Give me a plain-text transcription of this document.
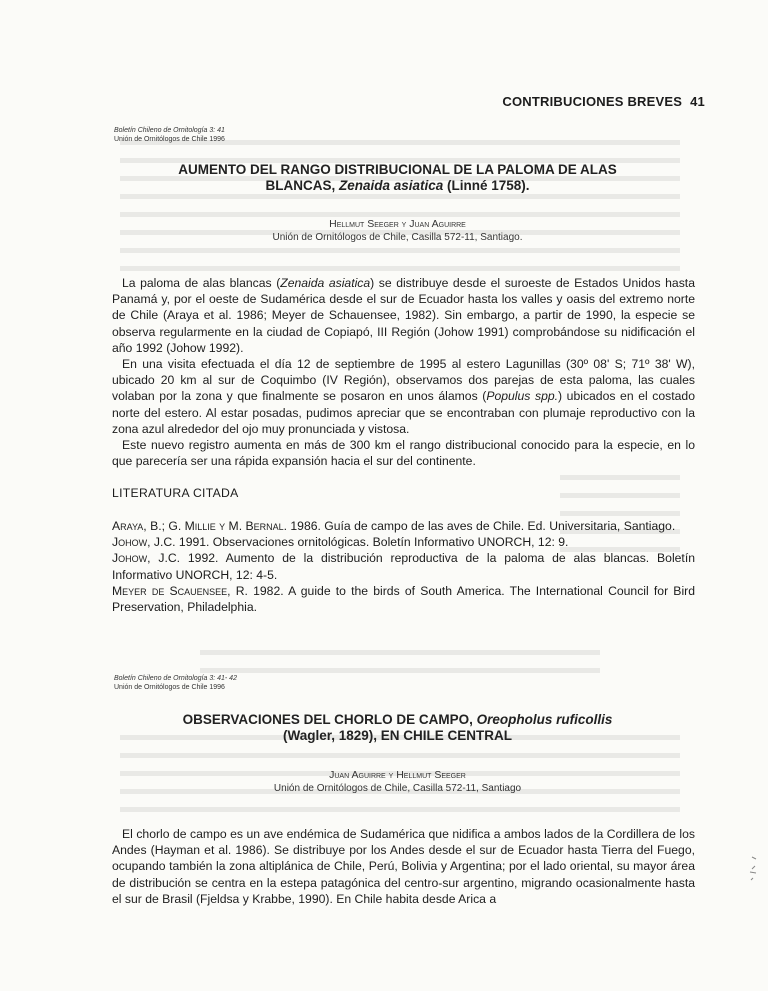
CONTRIBUCIONES BREVES 41
Boletín Chileno de Ornitología 3: 41
Unión de Ornitólogos de Chile 1996
AUMENTO DEL RANGO DISTRIBUCIONAL DE LA PALOMA DE ALAS
BLANCAS, Zenaida asiatica (Linné 1758).
Hellmut Seeger y Juan Aguirre
Unión de Ornitólogos de Chile, Casilla 572-11, Santiago.

La paloma de alas blancas (Zenaida asiatica) se distribuye desde el suroeste de Estados Unidos hasta Panamá y, por el oeste de Sudamérica desde el sur de Ecuador hasta los valles y oasis del extremo norte de Chile (Araya et al. 1986; Meyer de Schauensee, 1982). Sin embargo, a partir de 1990, la especie se observa regularmente en la ciudad de Copiapó, III Región (Johow 1991) comprobándose su nidificación el año 1992 (Johow 1992).

En una visita efectuada el día 12 de septiembre de 1995 al estero Lagunillas (30º 08' S; 71º 38' W), ubicado 20 km al sur de Coquimbo (IV Región), observamos dos parejas de esta paloma, las cuales volaban por la zona y que finalmente se posaron en unos álamos (Populus spp.) ubicados en el costado norte del estero. Al estar posadas, pudimos apreciar que se encontraban con plumaje reproductivo con la zona azul alrededor del ojo muy pronunciada y vistosa.

Este nuevo registro aumenta en más de 300 km el rango distribucional conocido para la especie, en lo que parecería ser una rápida expansión hacia el sur del continente.

LITERATURA CITADA

Araya, B.; G. Millie y M. Bernal. 1986. Guía de campo de las aves de Chile. Ed. Universitaria, Santiago.

Johow, J.C. 1991. Observaciones ornitológicas. Boletín Informativo UNORCH, 12: 9.

Johow, J.C. 1992. Aumento de la distribución reproductiva de la paloma de alas blancas. Boletín Informativo UNORCH, 12: 4-5.

Meyer de Scauensee, R. 1982. A guide to the birds of South America. The International Council for Bird Preservation, Philadelphia.

Boletín Chileno de Ornitología 3: 41- 42
Unión de Ornitólogos de Chile 1996
OBSERVACIONES DEL CHORLO DE CAMPO, Oreopholus ruficollis
(Wagler, 1829), EN CHILE CENTRAL
Juan Aguirre y Hellmut Seeger
Unión de Ornitólogos de Chile, Casilla 572-11, Santiago

El chorlo de campo es un ave endémica de Sudamérica que nidifica a ambos lados de la Cordillera de los Andes (Hayman et al. 1986). Se distribuye por los Andes desde el sur de Ecuador hasta Tierra del Fuego, ocupando también la zona altiplánica de Chile, Perú, Bolivia y Argentina; por el lado oriental, su mayor área de distribución se centra en la estepa patagónica del centro-sur argentino, migrando ocasionalmente hasta el sur de Brasil (Fjeldsa y Krabbe, 1990). En Chile habita desde Arica a
